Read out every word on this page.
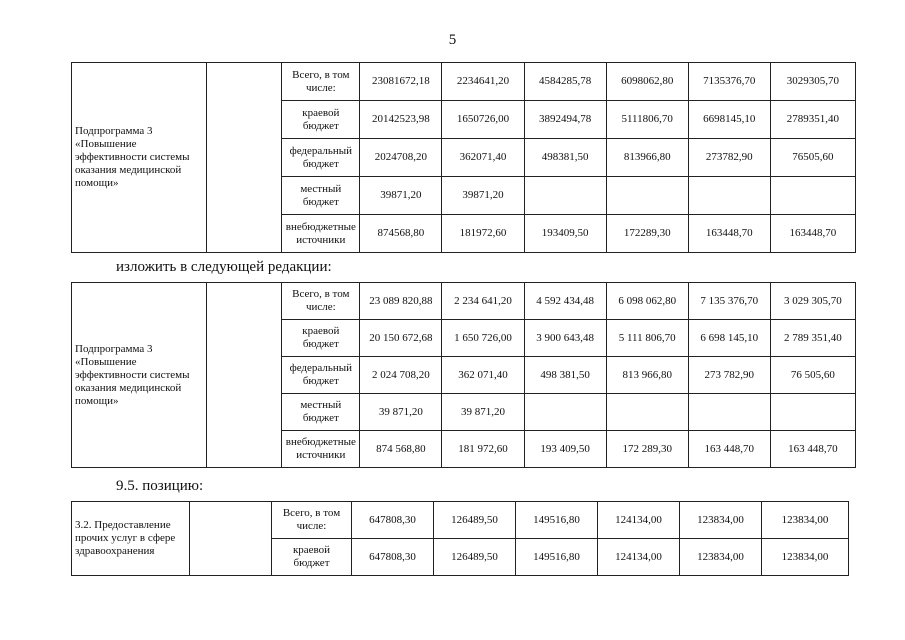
5
Подпрограмма 3 «Повышение эффективности системы оказания медицинской помощи»		Всего, в том числе:	23081672,18	2234641,20	4584285,78	6098062,80	7135376,70	3029305,70
		краевой бюджет	20142523,98	1650726,00	3892494,78	5111806,70	6698145,10	2789351,40
		федеральный бюджет	2024708,20	362071,40	498381,50	813966,80	273782,90	76505,60
		местный бюджет	39871,20	39871,20				
		внебюджетные источники	874568,80	181972,60	193409,50	172289,30	163448,70	163448,70
изложить в следующей редакции:
Подпрограмма 3 «Повышение эффективности системы оказания медицинской помощи»		Всего, в том числе:	23 089 820,88	2 234 641,20	4 592 434,48	6 098 062,80	7 135 376,70	3 029 305,70
		краевой бюджет	20 150 672,68	1 650 726,00	3 900 643,48	5 111 806,70	6 698 145,10	2 789 351,40
		федеральный бюджет	2 024 708,20	362 071,40	498 381,50	813 966,80	273 782,90	76 505,60
		местный бюджет	39 871,20	39 871,20				
		внебюджетные источники	874 568,80	181 972,60	193 409,50	172 289,30	163 448,70	163 448,70
9.5. позицию:
3.2. Предоставление прочих услуг в сфере здравоохранения		Всего, в том числе:	647808,30	126489,50	149516,80	124134,00	123834,00	123834,00
		краевой бюджет	647808,30	126489,50	149516,80	124134,00	123834,00	123834,00
